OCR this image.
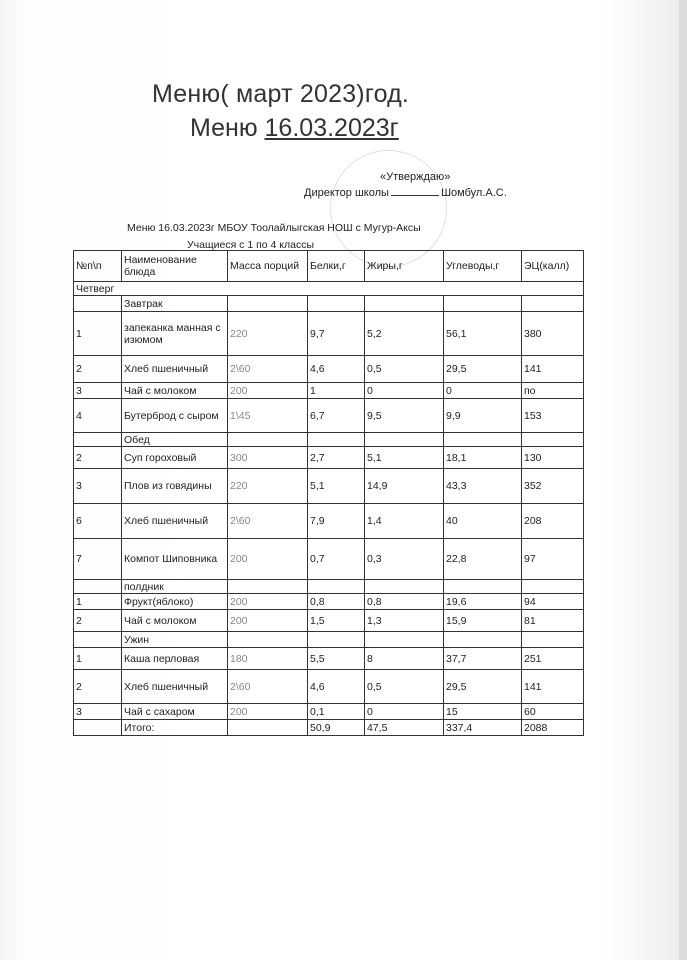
Меню( март 2023)год.
Меню 16.03.2023г
«Утверждаю»
Директор школы	Шомбул.А.С.
Меню 16.03.2023г МБОУ Тоолайлыгская НОШ с Мугур-Аксы
Учащиеся с 1 по 4 классы
№п\п	Наименование блюда	Масса порций	Белки,г	Жиры,г	Углеводы,г	ЭЦ(калл)
Четверг						
	Завтрак					
1	запеканка манная с изюмом	220	9,7	5,2	56,1	380
2	Хлеб пшеничный	2\60	4,6	0,5	29,5	141
3	Чай с молоком	200	1	0	0	по
4	Бутерброд с сыром	1\45	6,7	9,5	9,9	153
	Обед					
2	Суп гороховый	300	2,7	5,1	18,1	130
3	Плов из говядины	220	5,1	14,9	43,3	352
6	Хлеб пшеничный	2\60	7,9	1,4	40	208
7	Компот Шиповника	200	0,7	0,3	22,8	97
	полдник					
1	Фрукт(яблоко)	200	0,8	0,8	19,6	94
2	Чай с молоком	200	1,5	1,3	15,9	81
	Ужин					
1	Каша перловая	180	5,5	8	37,7	251
2	Хлеб пшеничный	2\60	4,6	0,5	29,5	141
3	Чай с сахаром	200	0,1	0	15	60
	Итого:		50,9	47,5	337,4	2088
